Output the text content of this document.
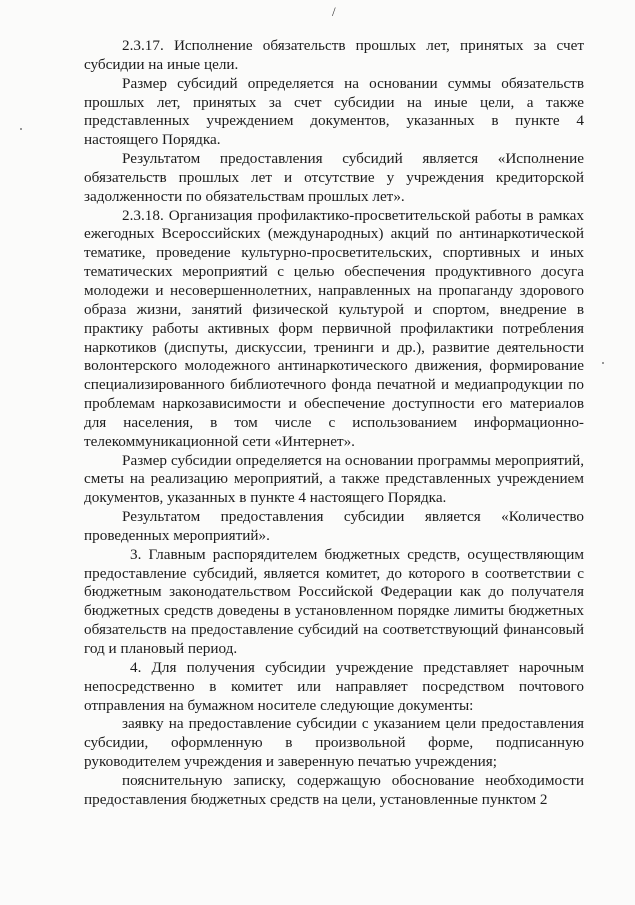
/

2.3.17. Исполнение обязательств прошлых лет, принятых за счет субсидии на иные цели.

Размер субсидий определяется на основании суммы обязательств прошлых лет, принятых за счет субсидии на иные цели, а также представленных учреждением документов, указанных в пункте 4 настоящего Порядка.

Результатом предоставления субсидий является «Исполнение обязательств прошлых лет и отсутствие у учреждения кредиторской задолженности по обязательствам прошлых лет».

2.3.18. Организация профилактико-просветительской работы в рамках ежегодных Всероссийских (международных) акций по антинаркотической тематике, проведение культурно-просветительских, спортивных и иных тематических мероприятий с целью обеспечения продуктивного досуга молодежи и несовершеннолетних, направленных на пропаганду здорового образа жизни, занятий физической культурой и спортом, внедрение в практику работы активных форм первичной профилактики потребления наркотиков (диспуты, дискуссии, тренинги и др.), развитие деятельности волонтерского молодежного антинаркотического движения, формирование специализированного библиотечного фонда печатной и медиапродукции по проблемам наркозависимости и обеспечение доступности его материалов для населения, в том числе с использованием информационно-телекоммуникационной сети «Интернет».

Размер субсидии определяется на основании программы мероприятий, сметы на реализацию мероприятий, а также представленных учреждением документов, указанных в пункте 4 настоящего Порядка.

Результатом предоставления субсидии является «Количество проведенных мероприятий».

3. Главным распорядителем бюджетных средств, осуществляющим предоставление субсидий, является комитет, до которого в соответствии с бюджетным законодательством Российской Федерации как до получателя бюджетных средств доведены в установленном порядке лимиты бюджетных обязательств на предоставление субсидий на соответствующий финансовый год и плановый период.

4. Для получения субсидии учреждение представляет нарочным непосредственно в комитет или направляет посредством почтового отправления на бумажном носителе следующие документы:

заявку на предоставление субсидии с указанием цели предоставления субсидии, оформленную в произвольной форме, подписанную руководителем учреждения и заверенную печатью учреждения;

пояснительную записку, содержащую обоснование необходимости предоставления бюджетных средств на цели, установленные пунктом 2
